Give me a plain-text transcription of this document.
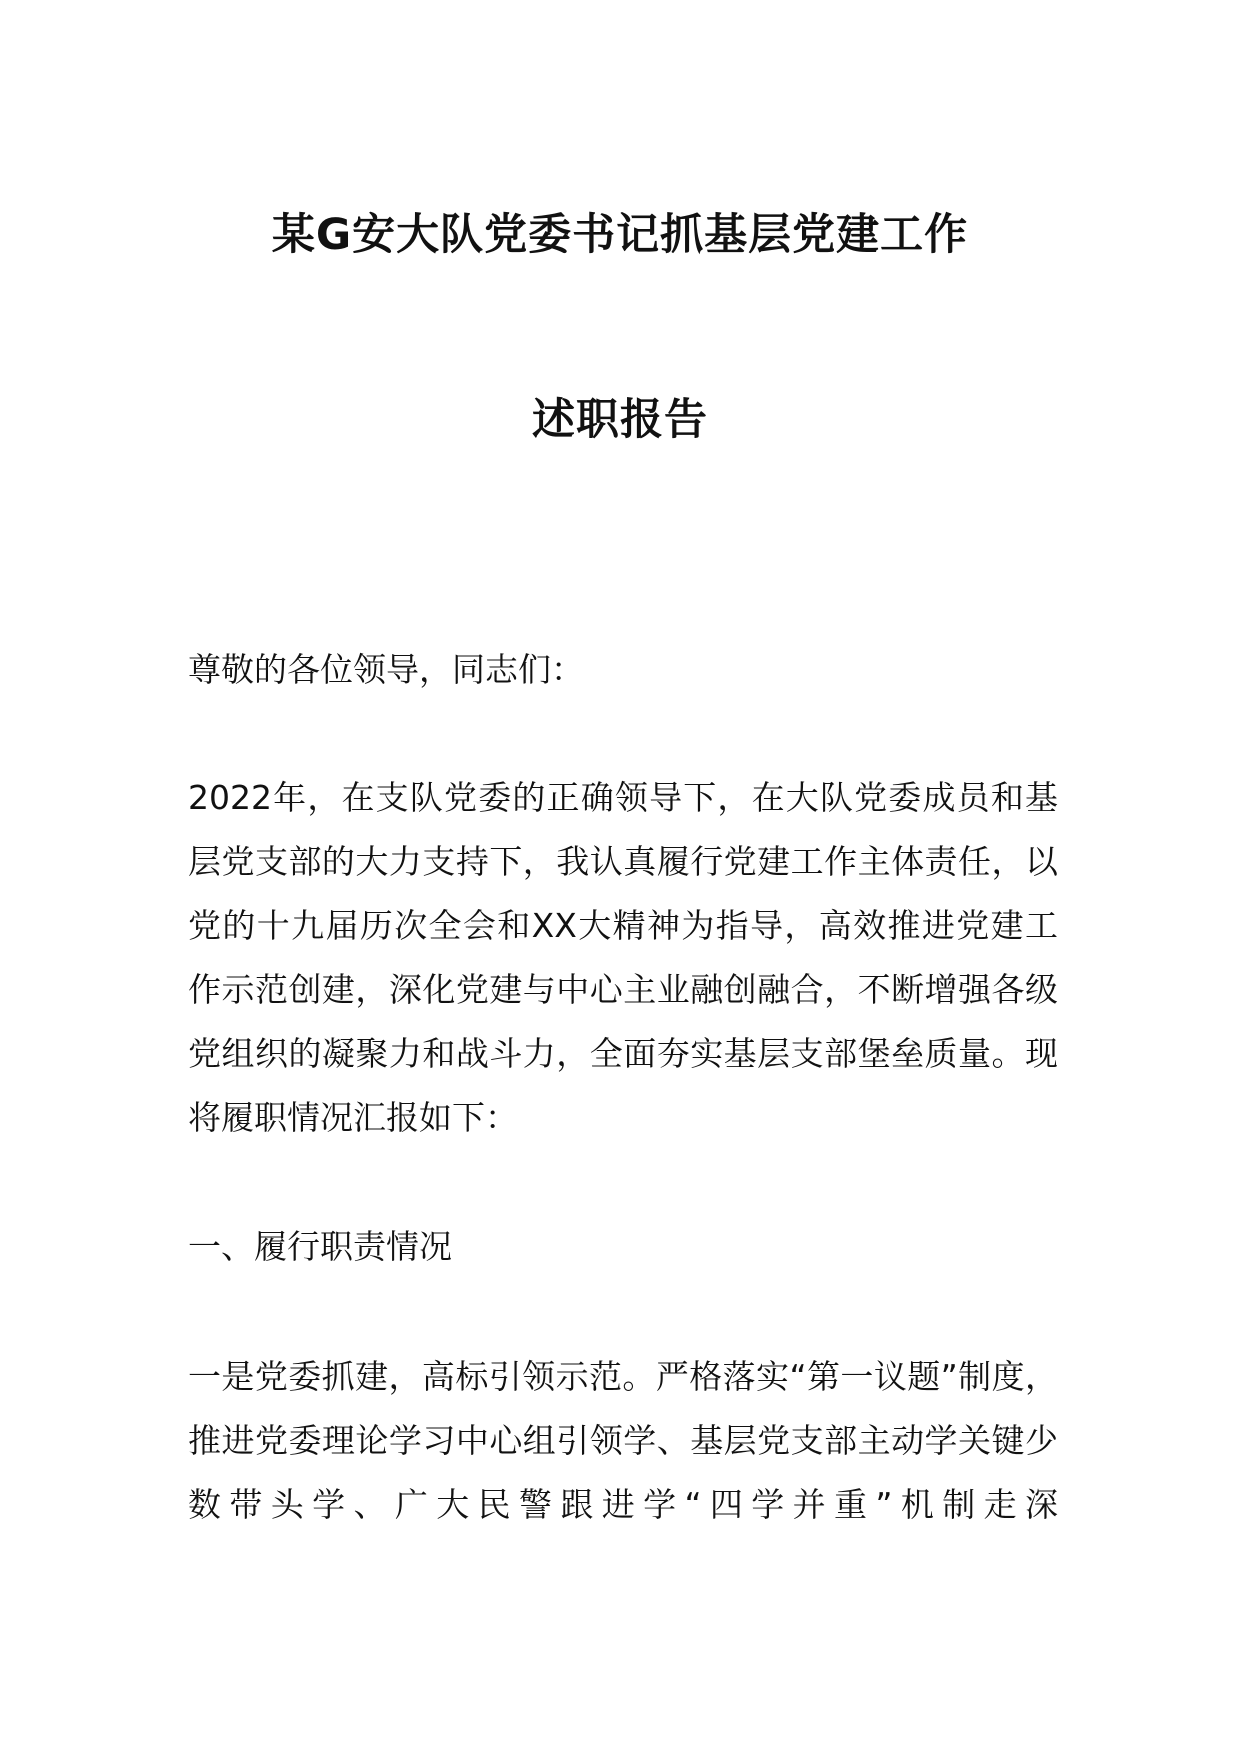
某G安大队党委书记抓基层党建工作
述职报告

尊敬的各位领导，同志们：

2022年，在支队党委的正确领导下，在大队党委成员和基层党支部的大力支持下，我认真履行党建工作主体责任，以党的十九届历次全会和XX大精神为指导，高效推进党建工作示范创建，深化党建与中心主业融创融合，不断增强各级党组织的凝聚力和战斗力，全面夯实基层支部堡垒质量。现将履职情况汇报如下：

一、履行职责情况

一是党委抓建，高标引领示范。严格落实“第一议题”制度，推进党委理论学习中心组引领学、基层党支部主动学关键少数带头学、广大民警跟进学“四学并重”机制走深
